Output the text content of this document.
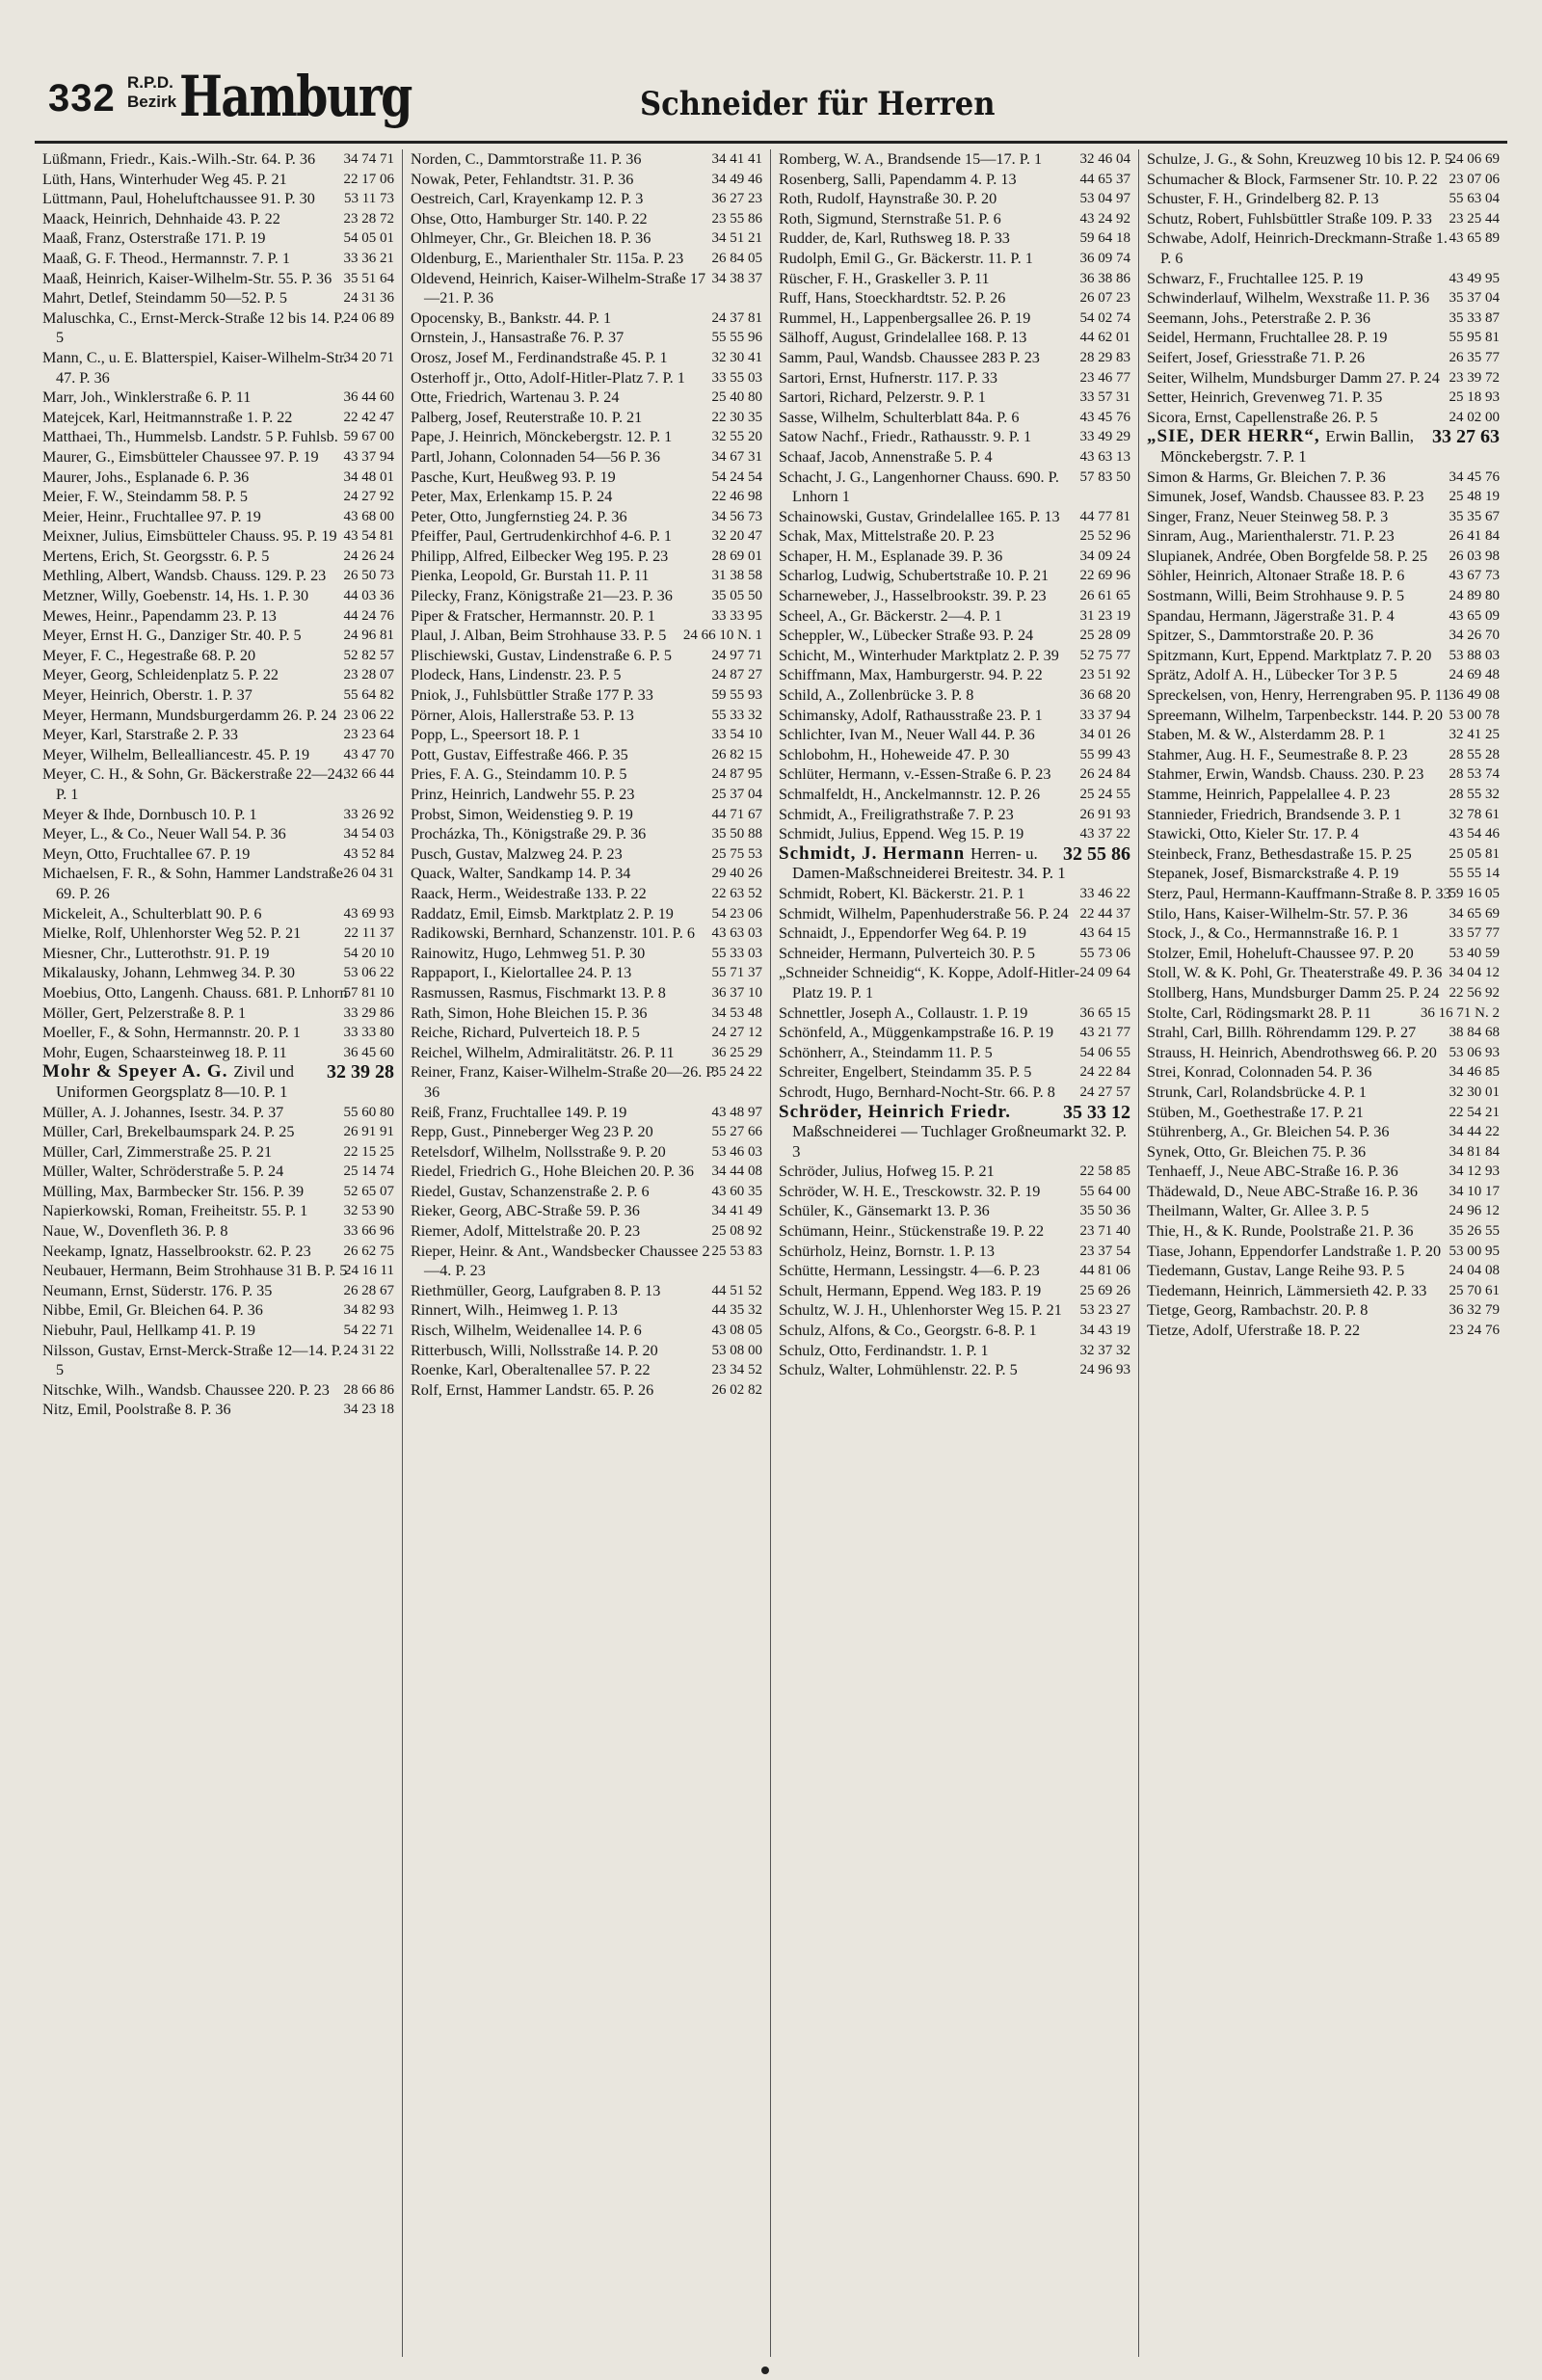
332 R.P.D.
Bezirk Hamburg	Schneider für Herren

34 74 71
Lüßmann, Friedr., Kais.-Wilh.-Str. 64. P. 36

22 17 06
Lüth, Hans, Winterhuder Weg 45. P. 21

53 11 73
Lüttmann, Paul, Hoheluftchaussee 91. P. 30

23 28 72
Maack, Heinrich, Dehnhaide 43. P. 22

54 05 01
Maaß, Franz, Osterstraße 171. P. 19

33 36 21
Maaß, G. F. Theod., Hermannstr. 7. P. 1

35 51 64
Maaß, Heinrich, Kaiser-Wilhelm-Str. 55. P. 36

24 31 36
Mahrt, Detlef, Steindamm 50—52. P. 5

24 06 89
Maluschka, C., Ernst-Merck-Straße 12 bis 14. P. 5

34 20 71
Mann, C., u. E. Blatterspiel, Kaiser-Wilhelm-Str. 47. P. 36

36 44 60
Marr, Joh., Winklerstraße 6. P. 11

22 42 47
Matejcek, Karl, Heitmannstraße 1. P. 22

59 67 00
Matthaei, Th., Hummelsb. Landstr. 5 P. Fuhlsb.

43 37 94
Maurer, G., Eimsbütteler Chaussee 97. P. 19

34 48 01
Maurer, Johs., Esplanade 6. P. 36

24 27 92
Meier, F. W., Steindamm 58. P. 5

43 68 00
Meier, Heinr., Fruchtallee 97. P. 19

43 54 81
Meixner, Julius, Eimsbütteler Chauss. 95. P. 19

24 26 24
Mertens, Erich, St. Georgsstr. 6. P. 5

26 50 73
Methling, Albert, Wandsb. Chauss. 129. P. 23

44 03 36
Metzner, Willy, Goebenstr. 14, Hs. 1. P. 30

44 24 76
Mewes, Heinr., Papendamm 23. P. 13

24 96 81
Meyer, Ernst H. G., Danziger Str. 40. P. 5

52 82 57
Meyer, F. C., Hegestraße 68. P. 20

23 28 07
Meyer, Georg, Schleidenplatz 5. P. 22

55 64 82
Meyer, Heinrich, Oberstr. 1. P. 37

23 06 22
Meyer, Hermann, Mundsburgerdamm 26. P. 24

23 23 64
Meyer, Karl, Starstraße 2. P. 33

43 47 70
Meyer, Wilhelm, Bellealliancestr. 45. P. 19

32 66 44
Meyer, C. H., & Sohn, Gr. Bäckerstraße 22—24. P. 1

33 26 92
Meyer & Ihde, Dornbusch 10. P. 1

34 54 03
Meyer, L., & Co., Neuer Wall 54. P. 36

43 52 84
Meyn, Otto, Fruchtallee 67. P. 19

26 04 31
Michaelsen, F. R., & Sohn, Hammer Landstraße 69. P. 26

43 69 93
Mickeleit, A., Schulterblatt 90. P. 6

22 11 37
Mielke, Rolf, Uhlenhorster Weg 52. P. 21

54 20 10
Miesner, Chr., Lutterothstr. 91. P. 19

53 06 22
Mikalausky, Johann, Lehmweg 34. P. 30

57 81 10
Moebius, Otto, Langenh. Chauss. 681. P. Lnhorn

33 29 86
Möller, Gert, Pelzerstraße 8. P. 1

33 33 80
Moeller, F., & Sohn, Hermannstr. 20. P. 1

36 45 60
Mohr, Eugen, Schaarsteinweg 18. P. 11

32 39 28
Mohr & Speyer A. G. Zivil und Uniformen Georgsplatz 8—10. P. 1

55 60 80
Müller, A. J. Johannes, Isestr. 34. P. 37

26 91 91
Müller, Carl, Brekelbaumspark 24. P. 25

22 15 25
Müller, Carl, Zimmerstraße 25. P. 21

25 14 74
Müller, Walter, Schröderstraße 5. P. 24

52 65 07
Mülling, Max, Barmbecker Str. 156. P. 39

32 53 90
Napierkowski, Roman, Freiheitstr. 55. P. 1

33 66 96
Naue, W., Dovenfleth 36. P. 8

26 62 75
Neekamp, Ignatz, Hasselbrookstr. 62. P. 23

24 16 11
Neubauer, Hermann, Beim Strohhause 31 B. P. 5

26 28 67
Neumann, Ernst, Süderstr. 176. P. 35

34 82 93
Nibbe, Emil, Gr. Bleichen 64. P. 36

54 22 71
Niebuhr, Paul, Hellkamp 41. P. 19

24 31 22
Nilsson, Gustav, Ernst-Merck-Straße 12—14. P. 5

28 66 86
Nitschke, Wilh., Wandsb. Chaussee 220. P. 23

34 23 18
Nitz, Emil, Poolstraße 8. P. 36

34 41 41
Norden, C., Dammtorstraße 11. P. 36

34 49 46
Nowak, Peter, Fehlandtstr. 31. P. 36

36 27 23
Oestreich, Carl, Krayenkamp 12. P. 3

23 55 86
Ohse, Otto, Hamburger Str. 140. P. 22

34 51 21
Ohlmeyer, Chr., Gr. Bleichen 18. P. 36

26 84 05
Oldenburg, E., Marienthaler Str. 115a. P. 23

34 38 37
Oldevend, Heinrich, Kaiser-Wilhelm-Straße 17—21. P. 36

24 37 81
Opocensky, B., Bankstr. 44. P. 1

55 55 96
Ornstein, J., Hansastraße 76. P. 37

32 30 41
Orosz, Josef M., Ferdinandstraße 45. P. 1

33 55 03
Osterhoff jr., Otto, Adolf-Hitler-Platz 7. P. 1

25 40 80
Otte, Friedrich, Wartenau 3. P. 24

22 30 35
Palberg, Josef, Reuterstraße 10. P. 21

32 55 20
Pape, J. Heinrich, Mönckebergstr. 12. P. 1

34 67 31
Partl, Johann, Colonnaden 54—56 P. 36

54 24 54
Pasche, Kurt, Heußweg 93. P. 19

22 46 98
Peter, Max, Erlenkamp 15. P. 24

34 56 73
Peter, Otto, Jungfernstieg 24. P. 36

32 20 47
Pfeiffer, Paul, Gertrudenkirchhof 4-6. P. 1

28 69 01
Philipp, Alfred, Eilbecker Weg 195. P. 23

31 38 58
Pienka, Leopold, Gr. Burstah 11. P. 11

35 05 50
Pilecky, Franz, Königstraße 21—23. P. 36

33 33 95
Piper & Fratscher, Hermannstr. 20. P. 1

24 66 10 N. 1
Plaul, J. Alban, Beim Strohhause 33. P. 5

24 97 71
Plischiewski, Gustav, Lindenstraße 6. P. 5

24 87 27
Plodeck, Hans, Lindenstr. 23. P. 5

59 55 93
Pniok, J., Fuhlsbüttler Straße 177 P. 33

55 33 32
Pörner, Alois, Hallerstraße 53. P. 13

33 54 10
Popp, L., Speersort 18. P. 1

26 82 15
Pott, Gustav, Eiffestraße 466. P. 35

24 87 95
Pries, F. A. G., Steindamm 10. P. 5

25 37 04
Prinz, Heinrich, Landwehr 55. P. 23

44 71 67
Probst, Simon, Weidenstieg 9. P. 19

35 50 88
Procházka, Th., Königstraße 29. P. 36

25 75 53
Pusch, Gustav, Malzweg 24. P. 23

29 40 26
Quack, Walter, Sandkamp 14. P. 34

22 63 52
Raack, Herm., Weidestraße 133. P. 22

54 23 06
Raddatz, Emil, Eimsb. Marktplatz 2. P. 19

43 63 03
Radikowski, Bernhard, Schanzenstr. 101. P. 6

55 33 03
Rainowitz, Hugo, Lehmweg 51. P. 30

55 71 37
Rappaport, I., Kielortallee 24. P. 13

36 37 10
Rasmussen, Rasmus, Fischmarkt 13. P. 8

34 53 48
Rath, Simon, Hohe Bleichen 15. P. 36

24 27 12
Reiche, Richard, Pulverteich 18. P. 5

36 25 29
Reichel, Wilhelm, Admiralitätstr. 26. P. 11

35 24 22
Reiner, Franz, Kaiser-Wilhelm-Straße 20—26. P. 36

43 48 97
Reiß, Franz, Fruchtallee 149. P. 19

55 27 66
Repp, Gust., Pinneberger Weg 23 P. 20

53 46 03
Retelsdorf, Wilhelm, Nollsstraße 9. P. 20

34 44 08
Riedel, Friedrich G., Hohe Bleichen 20. P. 36

43 60 35
Riedel, Gustav, Schanzenstraße 2. P. 6

34 41 49
Rieker, Georg, ABC-Straße 59. P. 36

25 08 92
Riemer, Adolf, Mittelstraße 20. P. 23

25 53 83
Rieper, Heinr. & Ant., Wandsbecker Chaussee 2—4. P. 23

44 51 52
Riethmüller, Georg, Laufgraben 8. P. 13

44 35 32
Rinnert, Wilh., Heimweg 1. P. 13

43 08 05
Risch, Wilhelm, Weidenallee 14. P. 6

53 08 00
Ritterbusch, Willi, Nollsstraße 14. P. 20

23 34 52
Roenke, Karl, Oberaltenallee 57. P. 22

26 02 82
Rolf, Ernst, Hammer Landstr. 65. P. 26

32 46 04
Romberg, W. A., Brandsende 15—17. P. 1

44 65 37
Rosenberg, Salli, Papendamm 4. P. 13

53 04 97
Roth, Rudolf, Haynstraße 30. P. 20

43 24 92
Roth, Sigmund, Sternstraße 51. P. 6

59 64 18
Rudder, de, Karl, Ruthsweg 18. P. 33

36 09 74
Rudolph, Emil G., Gr. Bäckerstr. 11. P. 1

36 38 86
Rüscher, F. H., Graskeller 3. P. 11

26 07 23
Ruff, Hans, Stoeckhardtstr. 52. P. 26

54 02 74
Rummel, H., Lappenbergsallee 26. P. 19

44 62 01
Sälhoff, August, Grindelallee 168. P. 13

28 29 83
Samm, Paul, Wandsb. Chaussee 283 P. 23

23 46 77
Sartori, Ernst, Hufnerstr. 117. P. 33

33 57 31
Sartori, Richard, Pelzerstr. 9. P. 1

43 45 76
Sasse, Wilhelm, Schulterblatt 84a. P. 6

33 49 29
Satow Nachf., Friedr., Rathausstr. 9. P. 1

43 63 13
Schaaf, Jacob, Annenstraße 5. P. 4

57 83 50
Schacht, J. G., Langenhorner Chauss. 690. P. Lnhorn 1

44 77 81
Schainowski, Gustav, Grindelallee 165. P. 13

25 52 96
Schak, Max, Mittelstraße 20. P. 23

34 09 24
Schaper, H. M., Esplanade 39. P. 36

22 69 96
Scharlog, Ludwig, Schubertstraße 10. P. 21

26 61 65
Scharneweber, J., Hasselbrookstr. 39. P. 23

31 23 19
Scheel, A., Gr. Bäckerstr. 2—4. P. 1

25 28 09
Scheppler, W., Lübecker Straße 93. P. 24

52 75 77
Schicht, M., Winterhuder Marktplatz 2. P. 39

23 51 92
Schiffmann, Max, Hamburgerstr. 94. P. 22

36 68 20
Schild, A., Zollenbrücke 3. P. 8

33 37 94
Schimansky, Adolf, Rathausstraße 23. P. 1

34 01 26
Schlichter, Ivan M., Neuer Wall 44. P. 36

55 99 43
Schlobohm, H., Hoheweide 47. P. 30

26 24 84
Schlüter, Hermann, v.-Essen-Straße 6. P. 23

25 24 55
Schmalfeldt, H., Anckelmannstr. 12. P. 26

26 91 93
Schmidt, A., Freiligrathstraße 7. P. 23

43 37 22
Schmidt, Julius, Eppend. Weg 15. P. 19

32 55 86
Schmidt, J. Hermann Herren- u. Damen-Maßschneiderei Breitestr. 34. P. 1

33 46 22
Schmidt, Robert, Kl. Bäckerstr. 21. P. 1

22 44 37
Schmidt, Wilhelm, Papenhuderstraße 56. P. 24

43 64 15
Schnaidt, J., Eppendorfer Weg 64. P. 19

55 73 06
Schneider, Hermann, Pulverteich 30. P. 5

24 09 64
„Schneider Schneidig“, K. Koppe, Adolf-Hitler-Platz 19. P. 1

36 65 15
Schnettler, Joseph A., Collaustr. 1. P. 19

43 21 77
Schönfeld, A., Müggenkampstraße 16. P. 19

54 06 55
Schönherr, A., Steindamm 11. P. 5

24 22 84
Schreiter, Engelbert, Steindamm 35. P. 5

24 27 57
Schrodt, Hugo, Bernhard-Nocht-Str. 66. P. 8

35 33 12
Schröder, Heinrich Friedr. Maßschneiderei — Tuchlager Großneumarkt 32. P. 3

22 58 85
Schröder, Julius, Hofweg 15. P. 21

55 64 00
Schröder, W. H. E., Tresckowstr. 32. P. 19

35 50 36
Schüler, K., Gänsemarkt 13. P. 36

23 71 40
Schümann, Heinr., Stückenstraße 19. P. 22

23 37 54
Schürholz, Heinz, Bornstr. 1. P. 13

44 81 06
Schütte, Hermann, Lessingstr. 4—6. P. 23

25 69 26
Schult, Hermann, Eppend. Weg 183. P. 19

53 23 27
Schultz, W. J. H., Uhlenhorster Weg 15. P. 21

34 43 19
Schulz, Alfons, & Co., Georgstr. 6-8. P. 1

32 37 32
Schulz, Otto, Ferdinandstr. 1. P. 1

24 96 93
Schulz, Walter, Lohmühlenstr. 22. P. 5

24 06 69
Schulze, J. G., & Sohn, Kreuzweg 10 bis 12. P. 5

23 07 06
Schumacher & Block, Farmsener Str. 10. P. 22

55 63 04
Schuster, F. H., Grindelberg 82. P. 13

23 25 44
Schutz, Robert, Fuhlsbüttler Straße 109. P. 33

43 65 89
Schwabe, Adolf, Heinrich-Dreckmann-Straße 1. P. 6

43 49 95
Schwarz, F., Fruchtallee 125. P. 19

35 37 04
Schwinderlauf, Wilhelm, Wexstraße 11. P. 36

35 33 87
Seemann, Johs., Peterstraße 2. P. 36

55 95 81
Seidel, Hermann, Fruchtallee 28. P. 19

26 35 77
Seifert, Josef, Griesstraße 71. P. 26

23 39 72
Seiter, Wilhelm, Mundsburger Damm 27. P. 24

25 18 93
Setter, Heinrich, Grevenweg 71. P. 35

24 02 00
Sicora, Ernst, Capellenstraße 26. P. 5

33 27 63
„SIE, DER HERR“, Erwin Ballin, Mönckebergstr. 7. P. 1

34 45 76
Simon & Harms, Gr. Bleichen 7. P. 36

25 48 19
Simunek, Josef, Wandsb. Chaussee 83. P. 23

35 35 67
Singer, Franz, Neuer Steinweg 58. P. 3

26 41 84
Sinram, Aug., Marienthalerstr. 71. P. 23

26 03 98
Slupianek, Andrée, Oben Borgfelde 58. P. 25

43 67 73
Söhler, Heinrich, Altonaer Straße 18. P. 6

24 89 80
Sostmann, Willi, Beim Strohhause 9. P. 5

43 65 09
Spandau, Hermann, Jägerstraße 31. P. 4

34 26 70
Spitzer, S., Dammtorstraße 20. P. 36

53 88 03
Spitzmann, Kurt, Eppend. Marktplatz 7. P. 20

24 69 48
Sprätz, Adolf A. H., Lübecker Tor 3 P. 5

36 49 08
Spreckelsen, von, Henry, Herrengraben 95. P. 11

53 00 78
Spreemann, Wilhelm, Tarpenbeckstr. 144. P. 20

32 41 25
Staben, M. & W., Alsterdamm 28. P. 1

28 55 28
Stahmer, Aug. H. F., Seumestraße 8. P. 23

28 53 74
Stahmer, Erwin, Wandsb. Chauss. 230. P. 23

28 55 32
Stamme, Heinrich, Pappelallee 4. P. 23

32 78 61
Stannieder, Friedrich, Brandsende 3. P. 1

43 54 46
Stawicki, Otto, Kieler Str. 17. P. 4

25 05 81
Steinbeck, Franz, Bethesdastraße 15. P. 25

55 55 14
Stepanek, Josef, Bismarckstraße 4. P. 19

59 16 05
Sterz, Paul, Hermann-Kauffmann-Straße 8. P. 33

34 65 69
Stilo, Hans, Kaiser-Wilhelm-Str. 57. P. 36

33 57 77
Stock, J., & Co., Hermannstraße 16. P. 1

53 40 59
Stolzer, Emil, Hoheluft-Chaussee 97. P. 20

34 04 12
Stoll, W. & K. Pohl, Gr. Theaterstraße 49. P. 36

22 56 92
Stollberg, Hans, Mundsburger Damm 25. P. 24

36 16 71 N. 2
Stolte, Carl, Rödingsmarkt 28. P. 11

38 84 68
Strahl, Carl, Billh. Röhrendamm 129. P. 27

53 06 93
Strauss, H. Heinrich, Abendrothsweg 66. P. 20

34 46 85
Strei, Konrad, Colonnaden 54. P. 36

32 30 01
Strunk, Carl, Rolandsbrücke 4. P. 1

22 54 21
Stüben, M., Goethestraße 17. P. 21

34 44 22
Stührenberg, A., Gr. Bleichen 54. P. 36

34 81 84
Synek, Otto, Gr. Bleichen 75. P. 36

34 12 93
Tenhaeff, J., Neue ABC-Straße 16. P. 36

34 10 17
Thädewald, D., Neue ABC-Straße 16. P. 36

24 96 12
Theilmann, Walter, Gr. Allee 3. P. 5

35 26 55
Thie, H., & K. Runde, Poolstraße 21. P. 36

53 00 95
Tiase, Johann, Eppendorfer Landstraße 1. P. 20

24 04 08
Tiedemann, Gustav, Lange Reihe 93. P. 5

25 70 61
Tiedemann, Heinrich, Lämmersieth 42. P. 33

36 32 79
Tietge, Georg, Rambachstr. 20. P. 8

23 24 76
Tietze, Adolf, Uferstraße 18. P. 22
